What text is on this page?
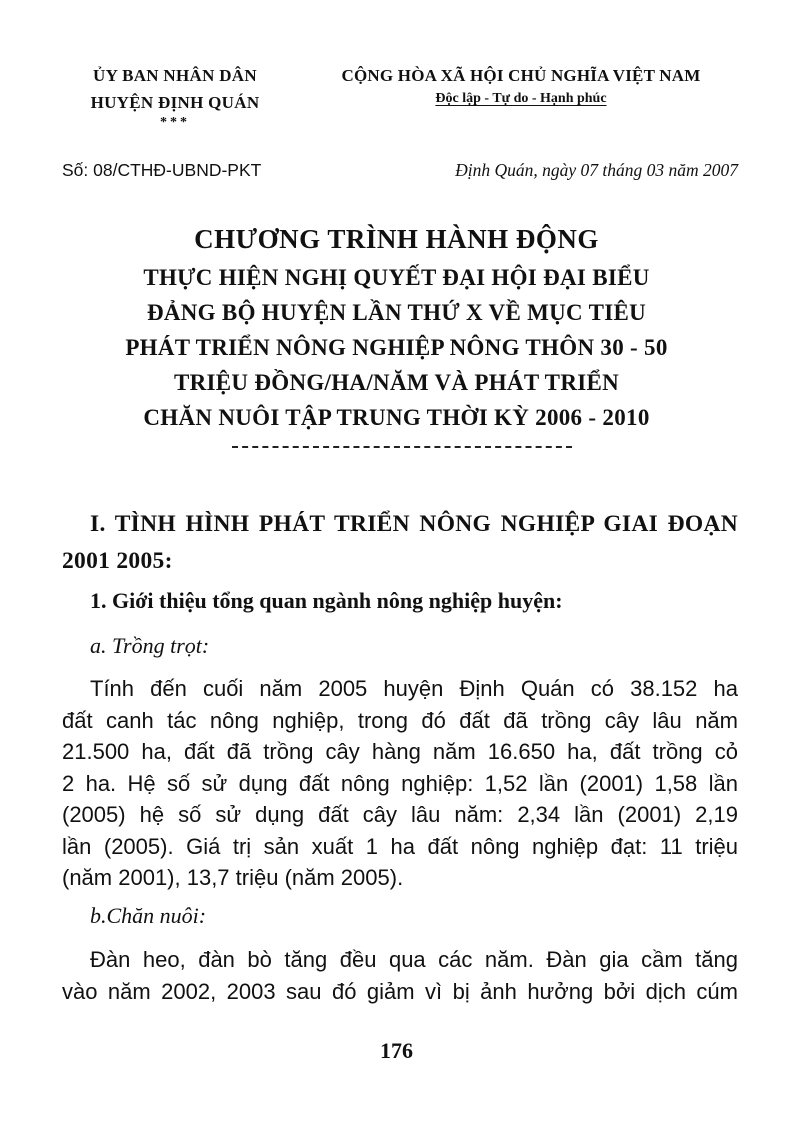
ỦY BAN NHÂN DÂN
HUYỆN ĐỊNH QUÁN
***
CỘNG HÒA XÃ HỘI CHỦ NGHĨA VIỆT NAM
Độc lập - Tự do - Hạnh phúc
Số: 08/CTHĐ-UBND-PKT	Định Quán, ngày 07 tháng 03 năm 2007
CHƯƠNG TRÌNH HÀNH ĐỘNG
THỰC HIỆN NGHỊ QUYẾT ĐẠI HỘI ĐẠI BIỂU
ĐẢNG BỘ HUYỆN LẦN THỨ X VỀ MỤC TIÊU
PHÁT TRIỂN NÔNG NGHIỆP NÔNG THÔN 30 - 50
TRIỆU ĐỒNG/HA/NĂM VÀ PHÁT TRIỂN
CHĂN NUÔI TẬP TRUNG THỜI KỲ 2006 - 2010
I. TÌNH HÌNH PHÁT TRIỂN NÔNG NGHIỆP GIAI ĐOẠN 2001 2005:
1. Giới thiệu tổng quan ngành nông nghiệp huyện:
a. Trồng trọt:
Tính đến cuối năm 2005 huyện Định Quán có 38.152 ha
đất canh tác nông nghiệp, trong đó đất đã trồng cây lâu năm
21.500 ha, đất đã trồng cây hàng năm 16.650 ha, đất trồng cỏ
2 ha. Hệ số sử dụng đất nông nghiệp: 1,52 lần (2001) 1,58 lần
(2005) hệ số sử dụng đất cây lâu năm: 2,34 lần (2001) 2,19
lần (2005). Giá trị sản xuất 1 ha đất nông nghiệp đạt: 11 triệu
(năm 2001), 13,7 triệu (năm 2005).
b.Chăn nuôi:
Đàn heo, đàn bò tăng đều qua các năm. Đàn gia cầm tăng
vào năm 2002, 2003 sau đó giảm vì bị ảnh hưởng bởi dịch cúm
176
